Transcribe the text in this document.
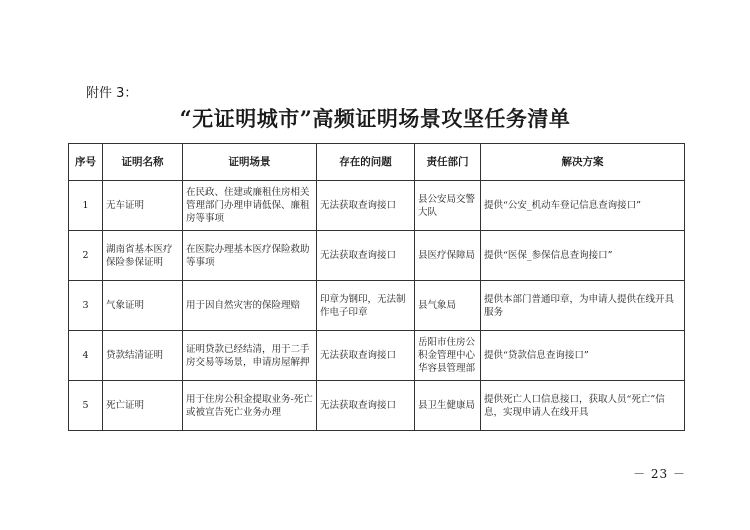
附件 3：
“无证明城市”高频证明场景攻坚任务清单
序号	证明名称	证明场景	存在的问题	责任部门	解决方案
1	无车证明	在民政、住建或廉租住房相关管理部门办理申请低保、廉租房等事项	无法获取查询接口	县公安局交警大队	提供“公安_机动车登记信息查询接口”
2	湖南省基本医疗保险参保证明	在医院办理基本医疗保险救助等事项	无法获取查询接口	县医疗保障局	提供“医保_参保信息查询接口”
3	气象证明	用于因自然灾害的保险理赔	印章为钢印，无法制作电子印章	县气象局	提供本部门普通印章，为申请人提供在线开具服务
4	贷款结清证明	证明贷款已经结清，用于二手房交易等场景，申请房屋解押	无法获取查询接口	岳阳市住房公积金管理中心华容县管理部	提供“贷款信息查询接口”
5	死亡证明	用于住房公积金提取业务-死亡或被宣告死亡业务办理	无法获取查询接口	县卫生健康局	提供死亡人口信息接口，获取人员“死亡”信息，实现申请人在线开具
－ 23 －
